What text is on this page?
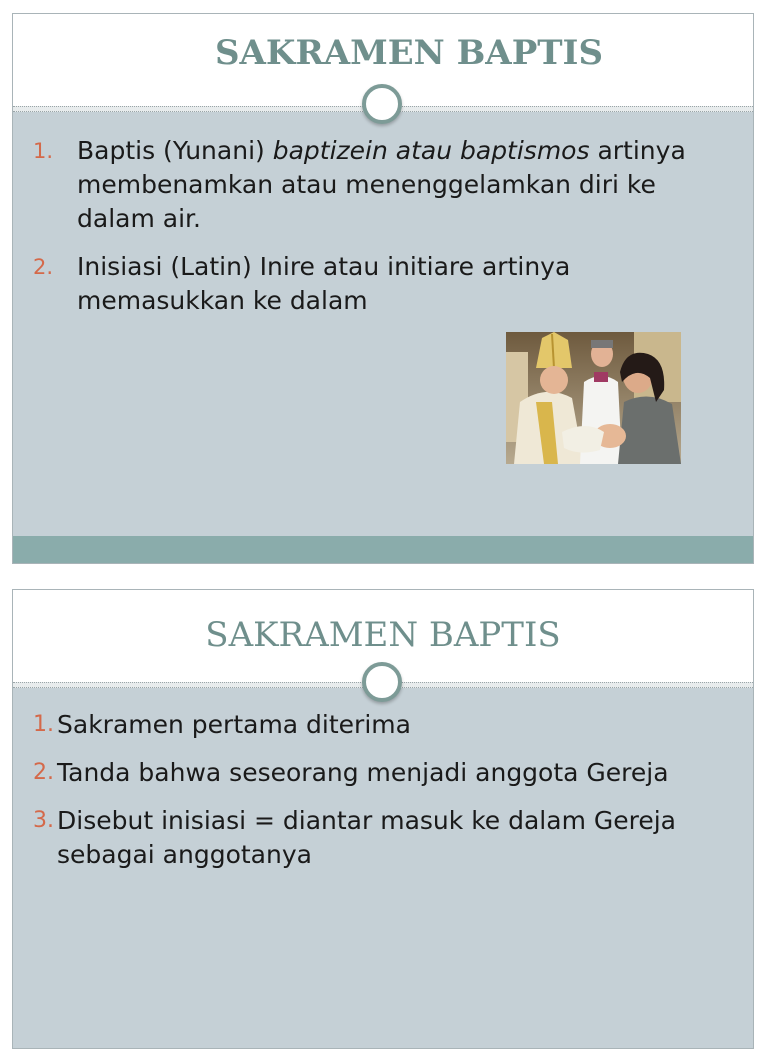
SAKRAMEN BAPTIS
1. Baptis (Yunani) baptizein atau baptismos artinya membenamkan atau menenggelamkan diri ke dalam air.
2. Inisiasi (Latin) Inire atau initiare artinya memasukkan ke dalam
SAKRAMEN BAPTIS
1. Sakramen pertama diterima
2. Tanda bahwa seseorang menjadi anggota Gereja
3. Disebut inisiasi = diantar masuk ke dalam Gereja sebagai anggotanya
